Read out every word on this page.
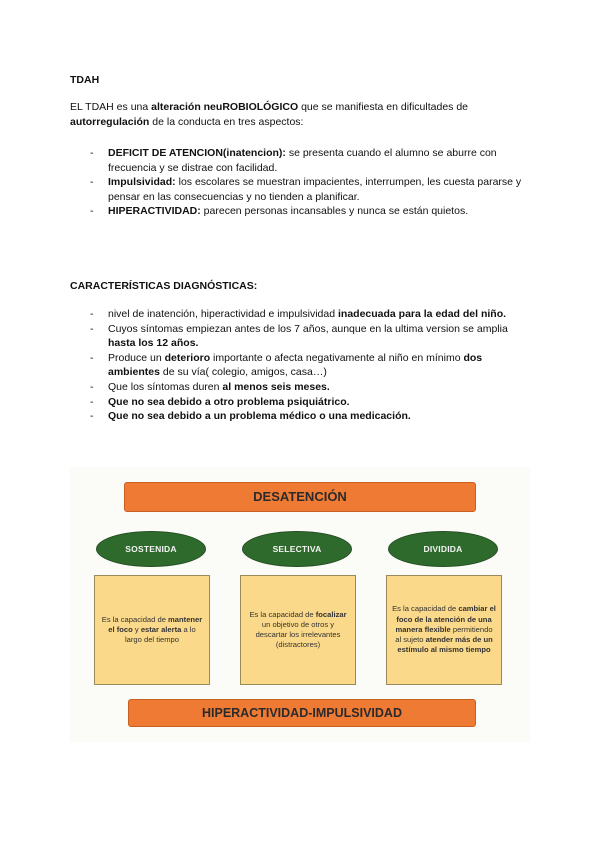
TDAH
EL TDAH es una alteración neuROBIOLÓGICO que se manifiesta en dificultades de autorregulación de la conducta en tres aspectos:
- DEFICIT DE ATENCION(inatencion): se presenta cuando el alumno se aburre con frecuencia y se distrae con facilidad.
- Impulsividad: los escolares se muestran impacientes, interrumpen, les cuesta pararse y pensar en las consecuencias y no tienden a planificar.
- HIPERACTIVIDAD: parecen personas incansables y nunca se están quietos.
CARACTERÍSTICAS DIAGNÓSTICAS:
- nivel de inatención, hiperactividad e impulsividad inadecuada para la edad del niño.
- Cuyos síntomas empiezan antes de los 7 años, aunque en la ultima version se amplia hasta los 12 años.
- Produce un deterioro importante o afecta negativamente al niño en mínimo dos ambientes de su vía( colegio, amigos, casa…)
- Que los síntomas duren al menos seis meses.
- Que no sea debido a otro problema psiquiátrico.
- Que no sea debido a un problema médico o una medicación.
DESATENCIÓN
SOSTENIDA	SELECTIVA	DIVIDIDA
Es la capacidad de mantener el foco y estar alerta a lo largo del tiempo
Es la capacidad de focalizar un objetivo de otros y descartar los irrelevantes (distractores)
Es la capacidad de cambiar el foco de la atención de una manera flexible permitiendo al sujeto atender más de un estímulo al mismo tiempo
HIPERACTIVIDAD-IMPULSIVIDAD
